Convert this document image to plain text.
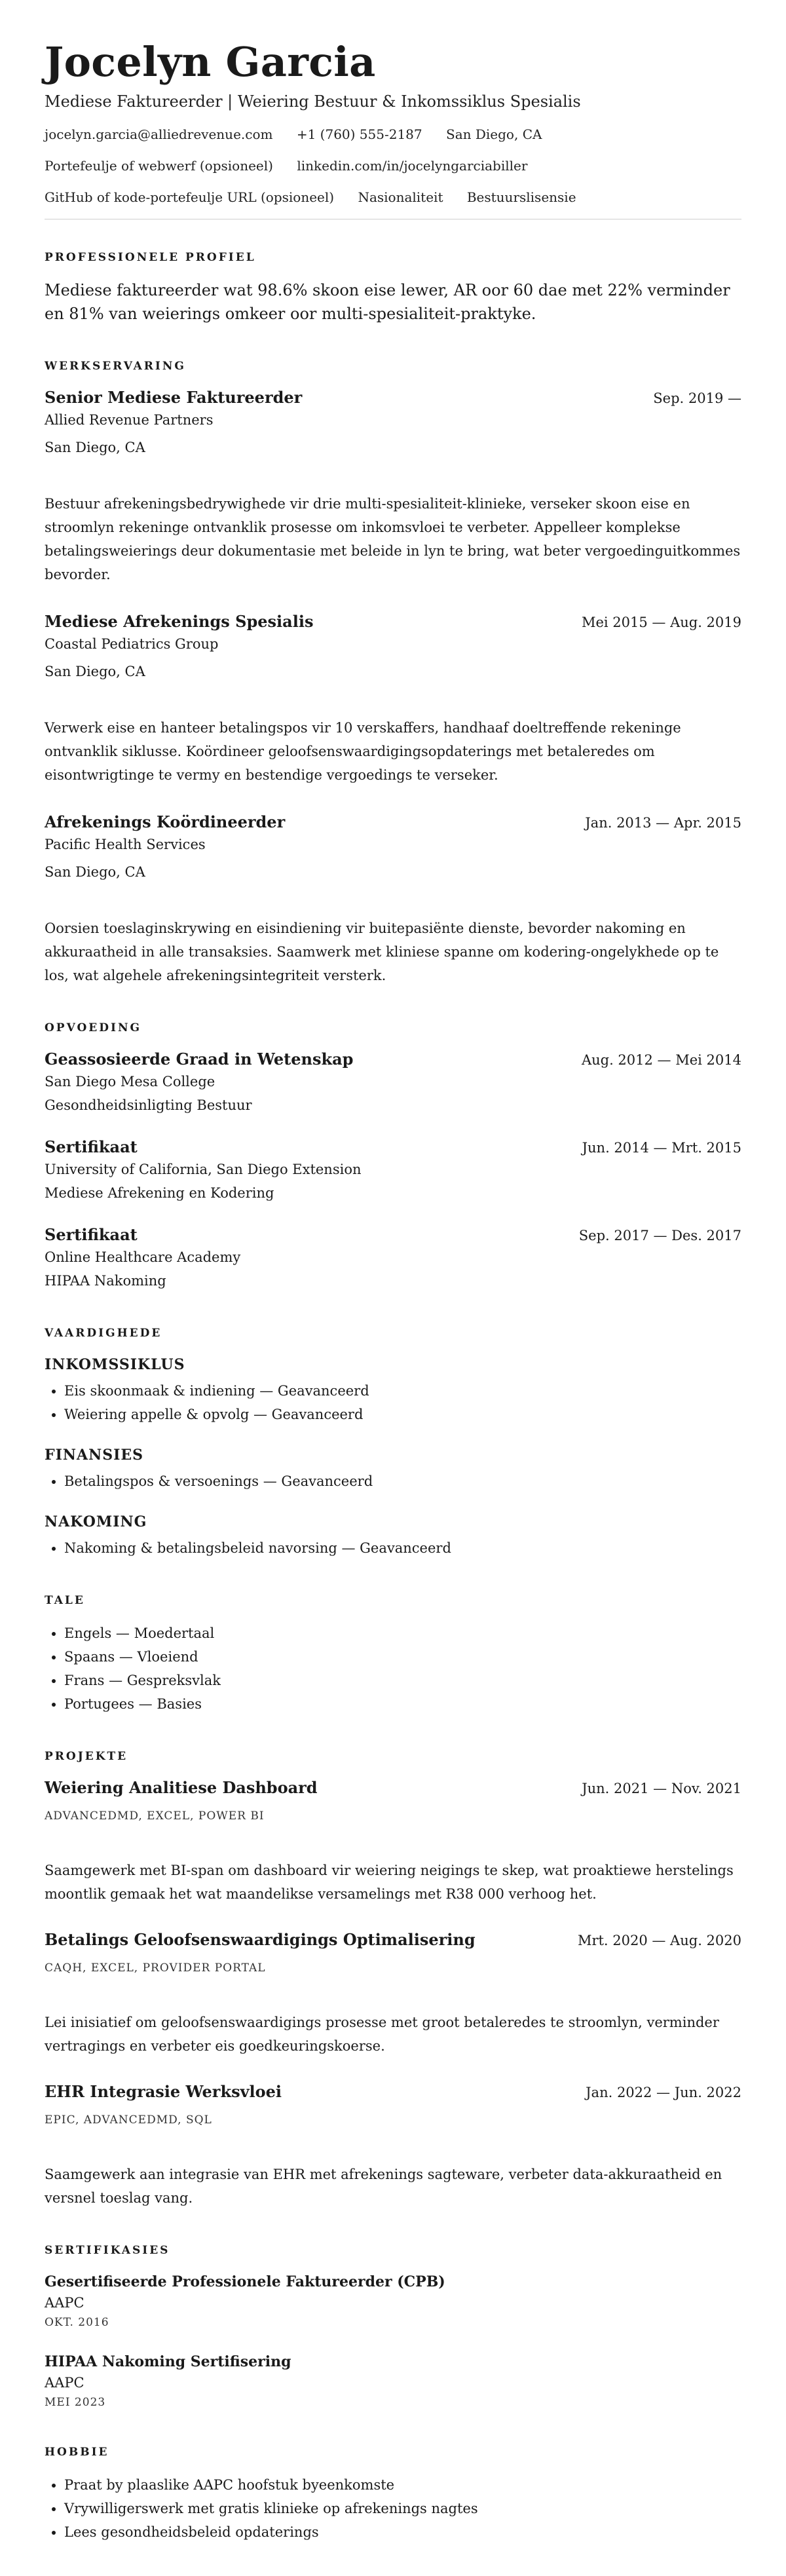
Jocelyn Garcia
Mediese Faktureerder | Weiering Bestuur & Inkomssiklus Spesialis
jocelyn.garcia@alliedrevenue.com +1 (760) 555-2187 San Diego, CA
Portefeulje of webwerf (opsioneel) linkedin.com/in/jocelyngarciabiller
GitHub of kode-portefeulje URL (opsioneel) Nasionaliteit Bestuurslisensie
PROFESSIONELE PROFIEL
Mediese faktureerder wat 98.6% skoon eise lewer, AR oor 60 dae met 22% verminder en 81% van weierings omkeer oor multi-spesialiteit-praktyke.
WERKSERVARING
Senior Mediese Faktureerder	Sep. 2019 —
Allied Revenue Partners
San Diego, CA
Bestuur afrekeningsbedrywighede vir drie multi-spesialiteit-klinieke, verseker skoon eise en stroomlyn rekeninge ontvanklik prosesse om inkomsvloei te verbeter. Appelleer komplekse betalingsweierings deur dokumentasie met beleide in lyn te bring, wat beter vergoedinguitkommes bevorder.
Mediese Afrekenings Spesialis	Mei 2015 — Aug. 2019
Coastal Pediatrics Group
San Diego, CA
Verwerk eise en hanteer betalingspos vir 10 verskaffers, handhaaf doeltreffende rekeninge ontvanklik siklusse. Koördineer geloofsenswaardigingsopdaterings met betaleredes om eisontwrigtinge te vermy en bestendige vergoedings te verseker.
Afrekenings Koördineerder	Jan. 2013 — Apr. 2015
Pacific Health Services
San Diego, CA
Oorsien toeslaginskrywing en eisindiening vir buitepasiënte dienste, bevorder nakoming en akkuraatheid in alle transaksies. Saamwerk met kliniese spanne om kodering-ongelykhede op te los, wat algehele afrekeningsintegriteit versterk.
OPVOEDING
Geassosieerde Graad in Wetenskap	Aug. 2012 — Mei 2014
San Diego Mesa College
Gesondheidsinligting Bestuur
Sertifikaat	Jun. 2014 — Mrt. 2015
University of California, San Diego Extension
Mediese Afrekening en Kodering
Sertifikaat	Sep. 2017 — Des. 2017
Online Healthcare Academy
HIPAA Nakoming
VAARDIGHEDE
INKOMSSIKLUS
• Eis skoonmaak & indiening — Geavanceerd
• Weiering appelle & opvolg — Geavanceerd
FINANSIES
• Betalingspos & versoenings — Geavanceerd
NAKOMING
• Nakoming & betalingsbeleid navorsing — Geavanceerd
TALE
• Engels — Moedertaal
• Spaans — Vloeiend
• Frans — Gespreksvlak
• Portugees — Basies
PROJEKTE
Weiering Analitiese Dashboard	Jun. 2021 — Nov. 2021
ADVANCEDMD, EXCEL, POWER BI
Saamgewerk met BI-span om dashboard vir weiering neigings te skep, wat proaktiewe herstelings moontlik gemaak het wat maandelikse versamelings met R38 000 verhoog het.
Betalings Geloofsenswaardigings Optimalisering	Mrt. 2020 — Aug. 2020
CAQH, EXCEL, PROVIDER PORTAL
Lei inisiatief om geloofsenswaardigings prosesse met groot betaleredes te stroomlyn, verminder vertragings en verbeter eis goedkeuringskoerse.
EHR Integrasie Werksvloei	Jan. 2022 — Jun. 2022
EPIC, ADVANCEDMD, SQL
Saamgewerk aan integrasie van EHR met afrekenings sagteware, verbeter data-akkuraatheid en versnel toeslag vang.
SERTIFIKASIES
Gesertifiseerde Professionele Faktureerder (CPB)
AAPC
OKT. 2016
HIPAA Nakoming Sertifisering
AAPC
MEI 2023
HOBBIE
• Praat by plaaslike AAPC hoofstuk byeenkomste
• Vrywilligerswerk met gratis klinieke op afrekenings nagtes
• Lees gesondheidsbeleid opdaterings
